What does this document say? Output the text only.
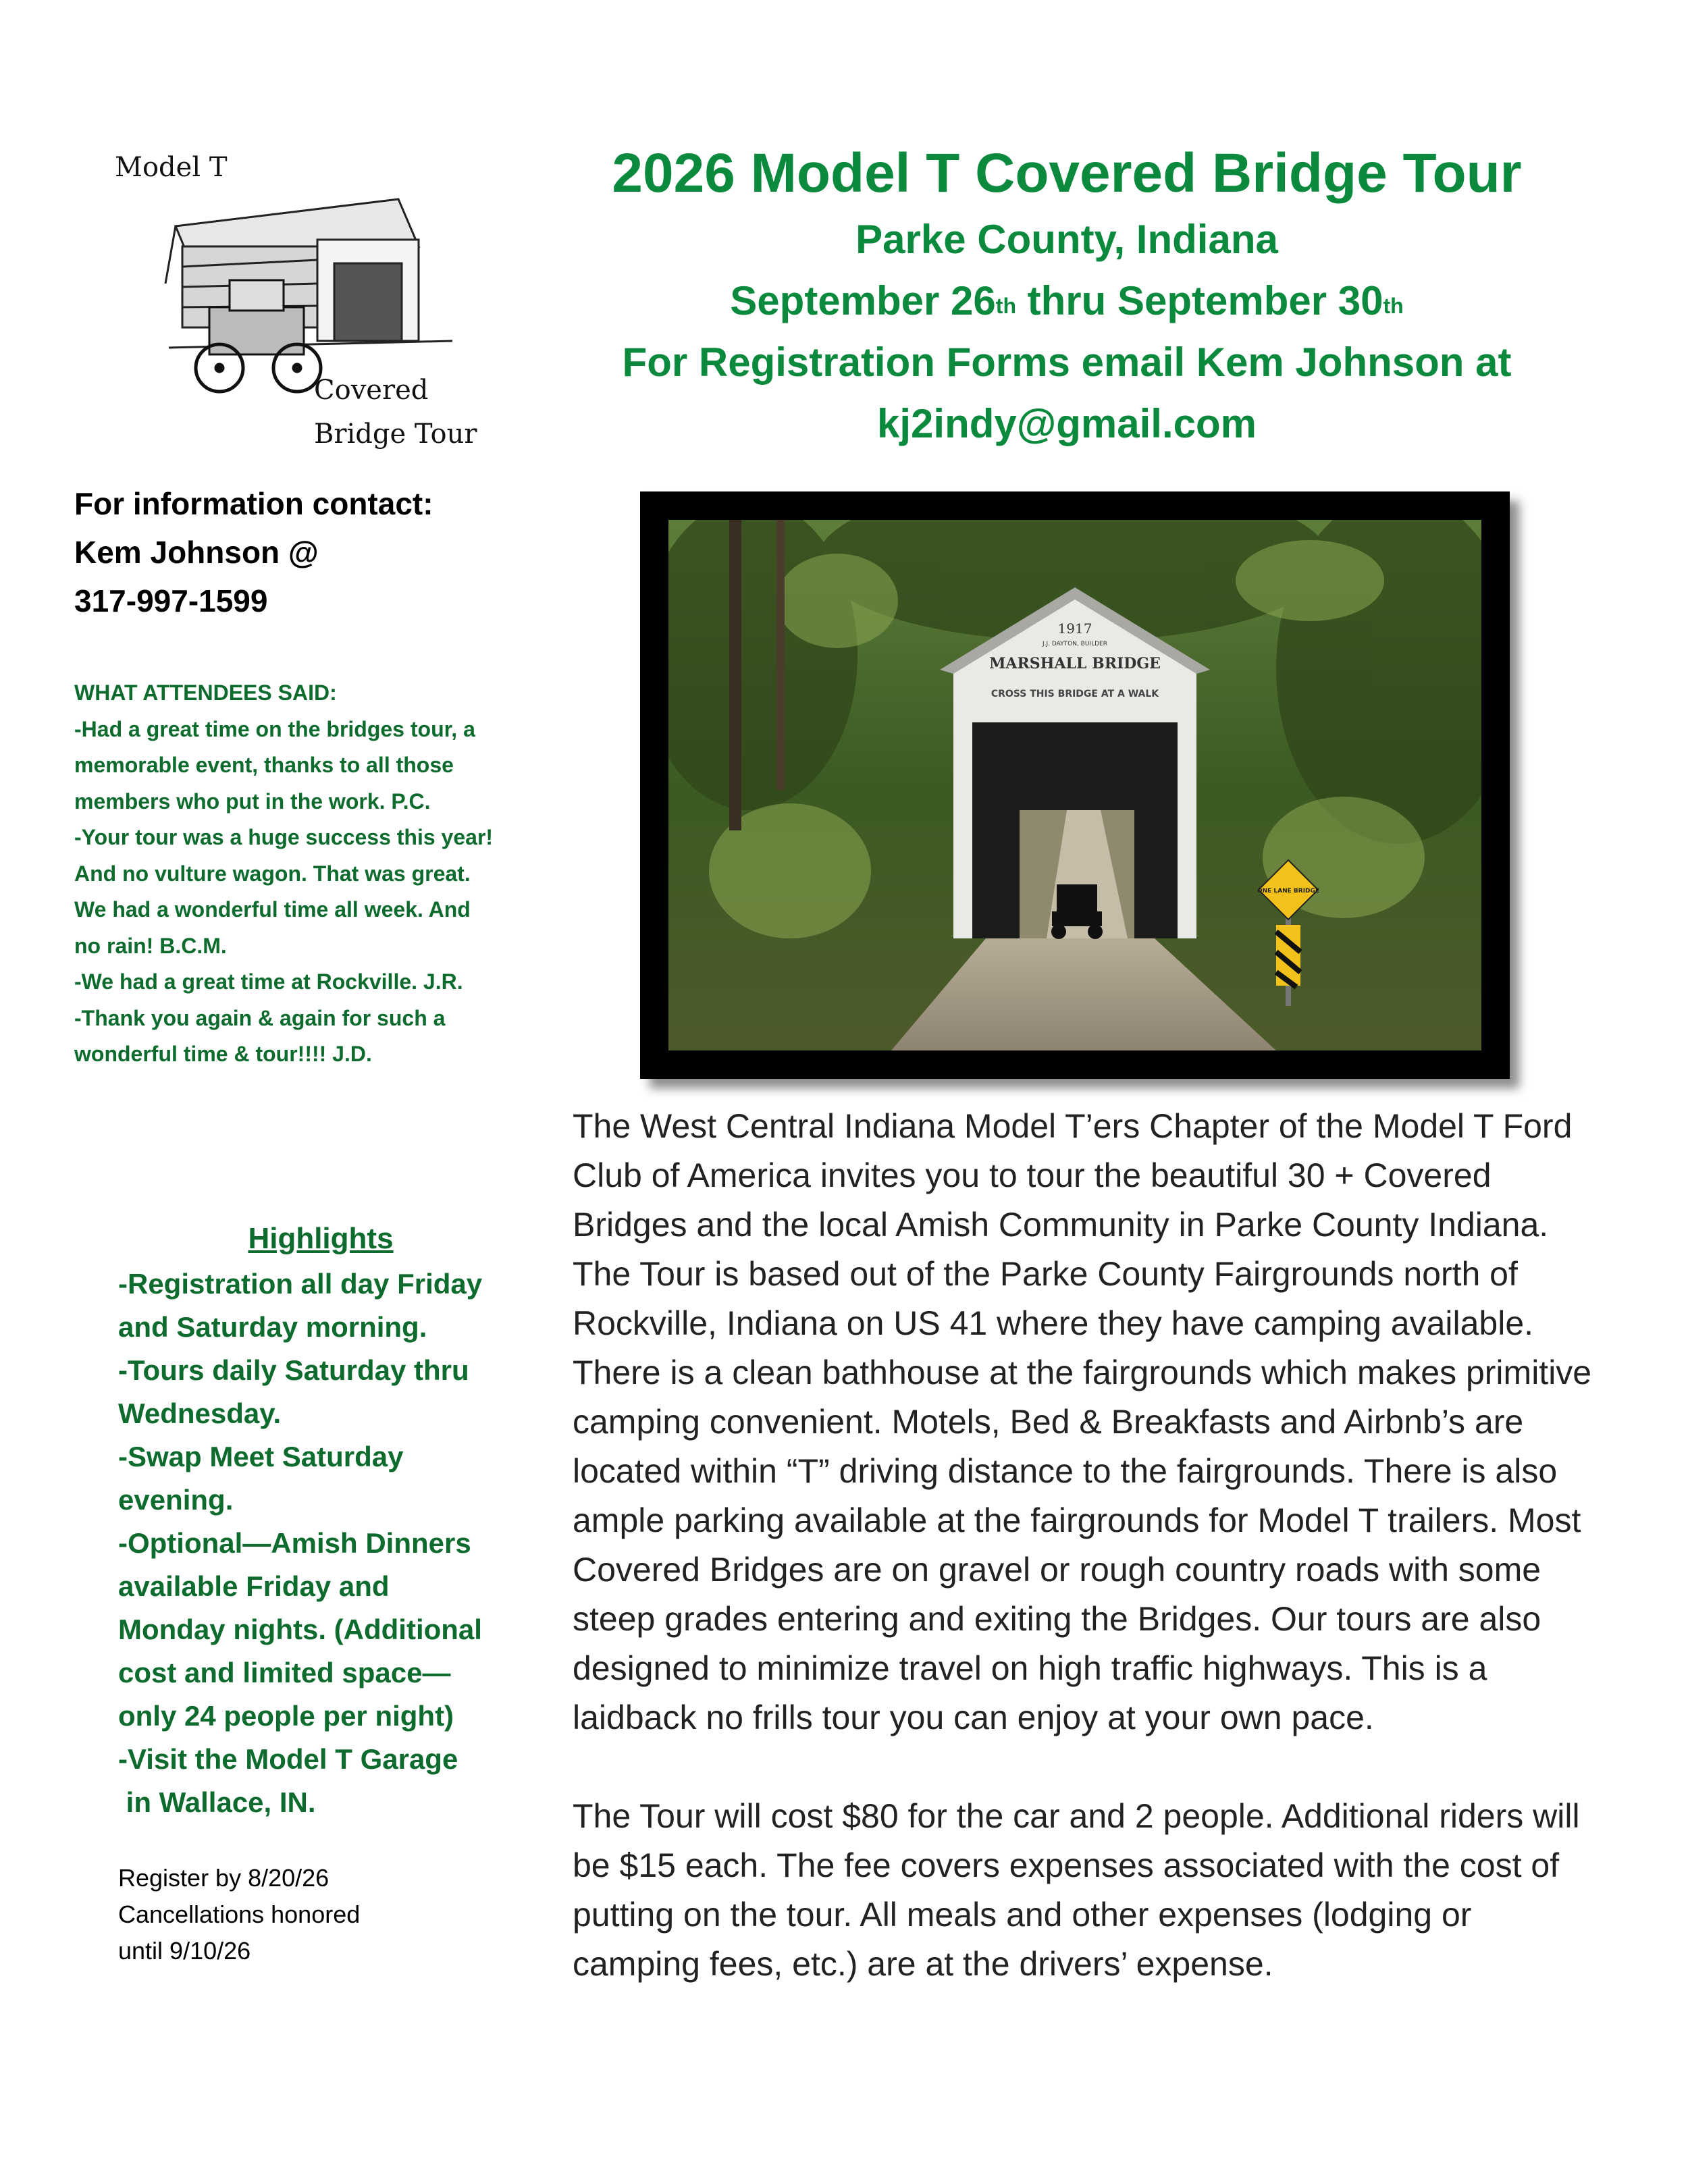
Model T
Covered
Bridge Tour
2026 Model T Covered Bridge Tour
Parke County, Indiana
September 26th thru September 30th
For Registration Forms email Kem Johnson at
kj2indy@gmail.com
For information contact:
Kem Johnson @
317-997-1599
WHAT ATTENDEES SAID:
-Had a great time on the bridges tour, a
memorable event, thanks to all those
members who put in the work. P.C.
-Your tour was a huge success this year!
And no vulture wagon. That was great.
We had a wonderful time all week. And
no rain! B.C.M.
-We had a great time at Rockville. J.R.
-Thank you again & again for such a
wonderful time & tour!!!! J.D.
1917
J.J. DAYTON, BUILDER
MARSHALL BRIDGE
CROSS THIS BRIDGE AT A WALK
ONE LANE BRIDGE
Highlights
-Registration all day Friday
and Saturday morning.
-Tours daily Saturday thru
Wednesday.
-Swap Meet Saturday
evening.
-Optional—Amish Dinners
available Friday and
Monday nights. (Additional
cost and limited space—
only 24 people per night)
-Visit the Model T Garage
in Wallace, IN.
Register by 8/20/26
Cancellations honored
until 9/10/26

The West Central Indiana Model T’ers Chapter of the Model T Ford Club of America invites you to tour the beautiful 30 + Covered Bridges and the local Amish Community in Parke County Indiana. The Tour is based out of the Parke County Fairgrounds north of Rockville, Indiana on US 41 where they have camping available. There is a clean bathhouse at the fairgrounds which makes primitive camping convenient. Motels, Bed & Breakfasts and Airbnb’s are located within “T” driving distance to the fairgrounds. There is also ample parking available at the fairgrounds for Model T trailers. Most Covered Bridges are on gravel or rough country roads with some steep grades entering and exiting the Bridges. Our tours are also designed to minimize travel on high traffic highways. This is a laidback no frills tour you can enjoy at your own pace.

The Tour will cost $80 for the car and 2 people. Additional riders will be $15 each. The fee covers expenses associated with the cost of putting on the tour. All meals and other expenses (lodging or camping fees, etc.) are at the drivers’ expense.
